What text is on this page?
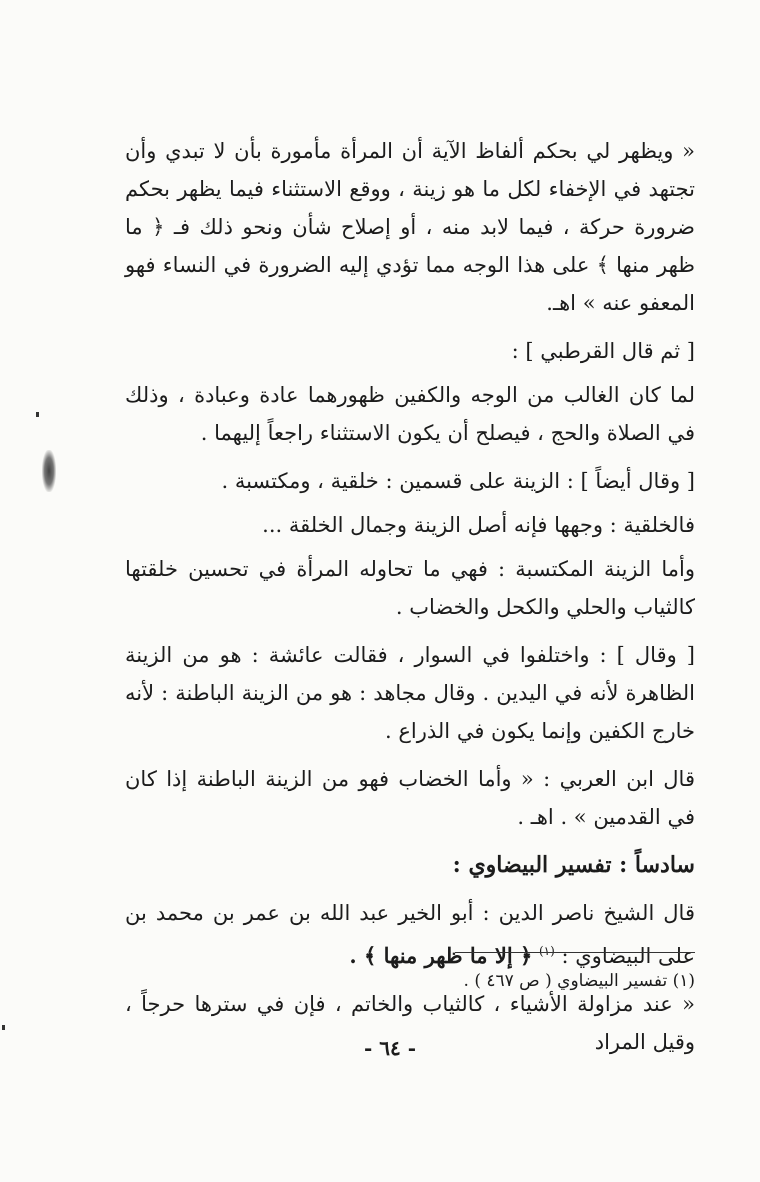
« ويظهر لي بحكم ألفاظ الآية أن المرأة مأمورة بأن لا تبدي وأن تجتهد في الإخفاء لكل ما هو زينة ، ووقع الاستثناء فيما يظهر بحكم ضرورة حركة ، فيما لابد منه ، أو إصلاح شأن ونحو ذلك فـ ﴿ ما ظهر منها ﴾ على هذا الوجه مما تؤدي إليه الضرورة في النساء فهو المعفو عنه » اهـ.

[ ثم قال القرطبي ] :

لما كان الغالب من الوجه والكفين ظهورهما عادة وعبادة ، وذلك في الصلاة والحج ، فيصلح أن يكون الاستثناء راجعاً إليهما .

[ وقال أيضاً ] : الزينة على قسمين : خلقية ، ومكتسبة .

فالخلقية : وجهها فإنه أصل الزينة وجمال الخلقة ...

وأما الزينة المكتسبة : فهي ما تحاوله المرأة في تحسين خلقتها كالثياب والحلي والكحل والخضاب .

[ وقال ] : واختلفوا في السوار ، فقالت عائشة : هو من الزينة الظاهرة لأنه في اليدين . وقال مجاهد : هو من الزينة الباطنة : لأنه خارج الكفين وإنما يكون في الذراع .

قال ابن العربي : « وأما الخضاب فهو من الزينة الباطنة إذا كان في القدمين » . اهـ .

سادساً : تفسير البيضاوي :

قال الشيخ ناصر الدين : أبو الخير عبد الله بن عمر بن محمد بن على البيضاوي : $^{(١)}$ ﴿ إلا ما ظهر منها ﴾ .

« عند مزاولة الأشياء ، كالثياب والخاتم ، فإن في سترها حرجاً ، وقيل المراد

(١) تفسير البيضاوي ( ص ٤٦٧ ) .
- ٦٤ -
